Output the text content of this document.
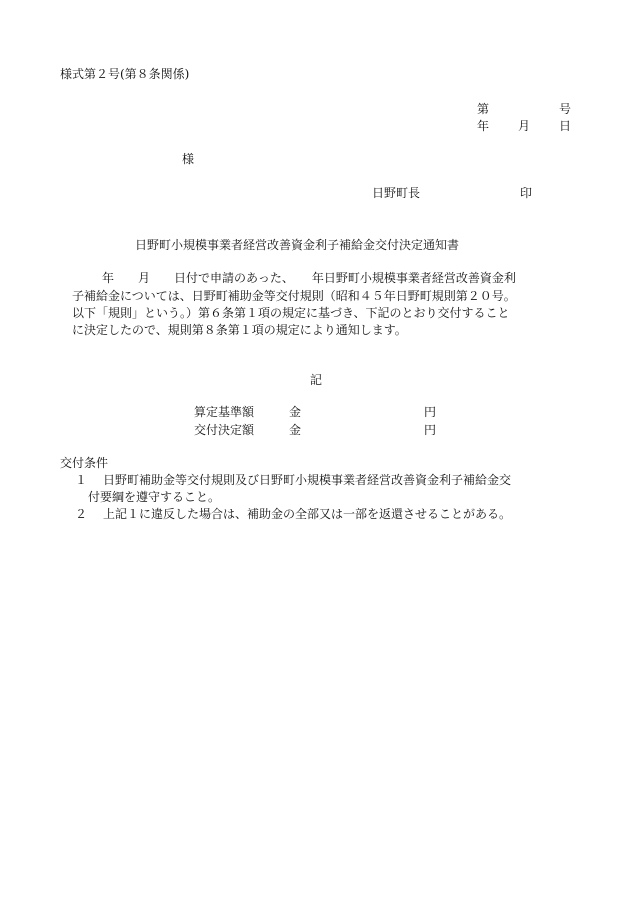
様式第２号(第８条関係)
第	号
年 月 日
様
日野町長	印
日野町小規模事業者経営改善資金利子補給金交付決定通知書
年　　月　　日付で申請のあった、　　年日野町小規模事業者経営改善資金利
子補給金については、日野町補助金等交付規則（昭和４５年日野町規則第２０号。
以下「規則」という。）第６条第１項の規定に基づき、下記のとおり交付すること
に決定したので、規則第８条第１項の規定により通知します。
記
算定基準額	金	円
交付決定額	金	円
交付条件
１ 日野町補助金等交付規則及び日野町小規模事業者経営改善資金利子補給金交
付要綱を遵守すること。
２ 上記１に違反した場合は、補助金の全部又は一部を返還させることがある。
